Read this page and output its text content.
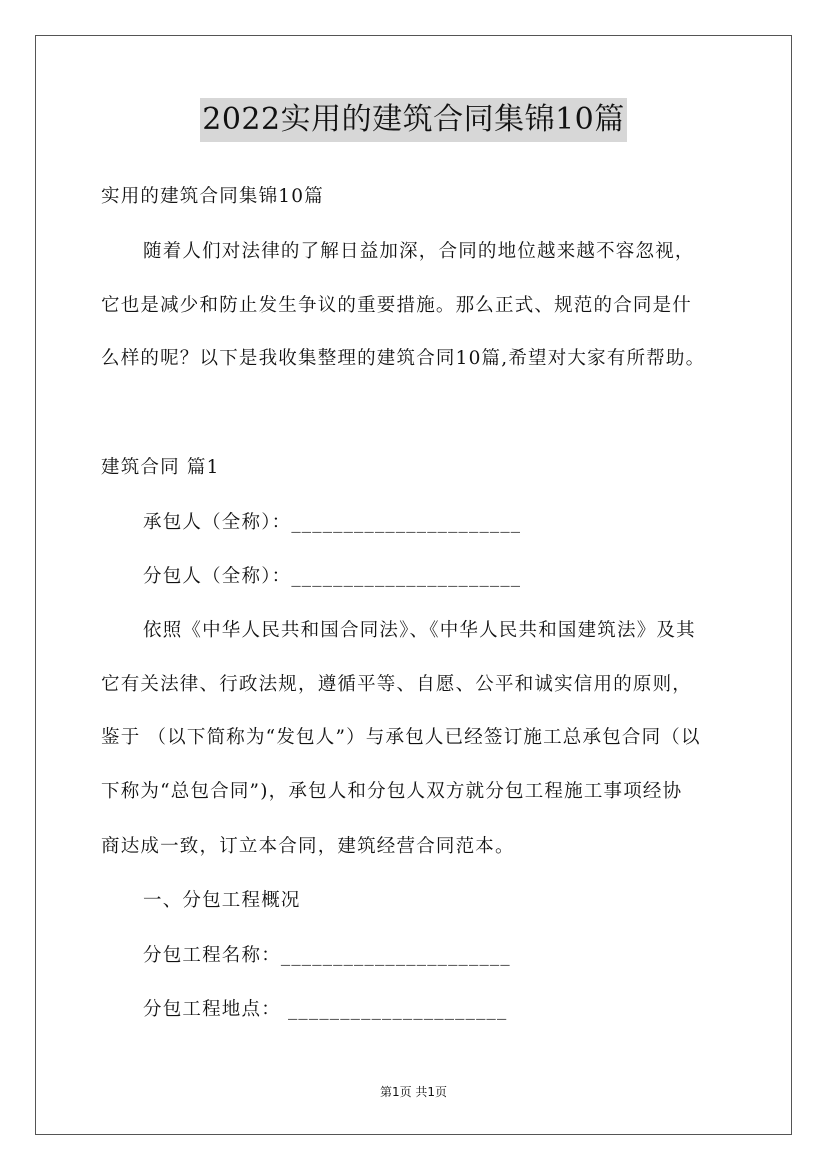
2022实用的建筑合同集锦10篇
实用的建筑合同集锦10篇
随着人们对法律的了解日益加深，合同的地位越来越不容忽视，
它也是减少和防止发生争议的重要措施。那么正式、规范的合同是什
么样的呢？以下是我收集整理的建筑合同10篇,希望对大家有所帮助。
建筑合同 篇1
承包人（全称）：______________________
分包人（全称）：______________________
依照《中华人民共和国合同法》、《中华人民共和国建筑法》及其
它有关法律、行政法规，遵循平等、自愿、公平和诚实信用的原则，
鉴于 （以下简称为“发包人”）与承包人已经签订施工总承包合同（以
下称为“总包合同”)，承包人和分包人双方就分包工程施工事项经协
商达成一致，订立本合同，建筑经营合同范本。
一、分包工程概况
分包工程名称：______________________
分包工程地点： _____________________
第1页 共1页
